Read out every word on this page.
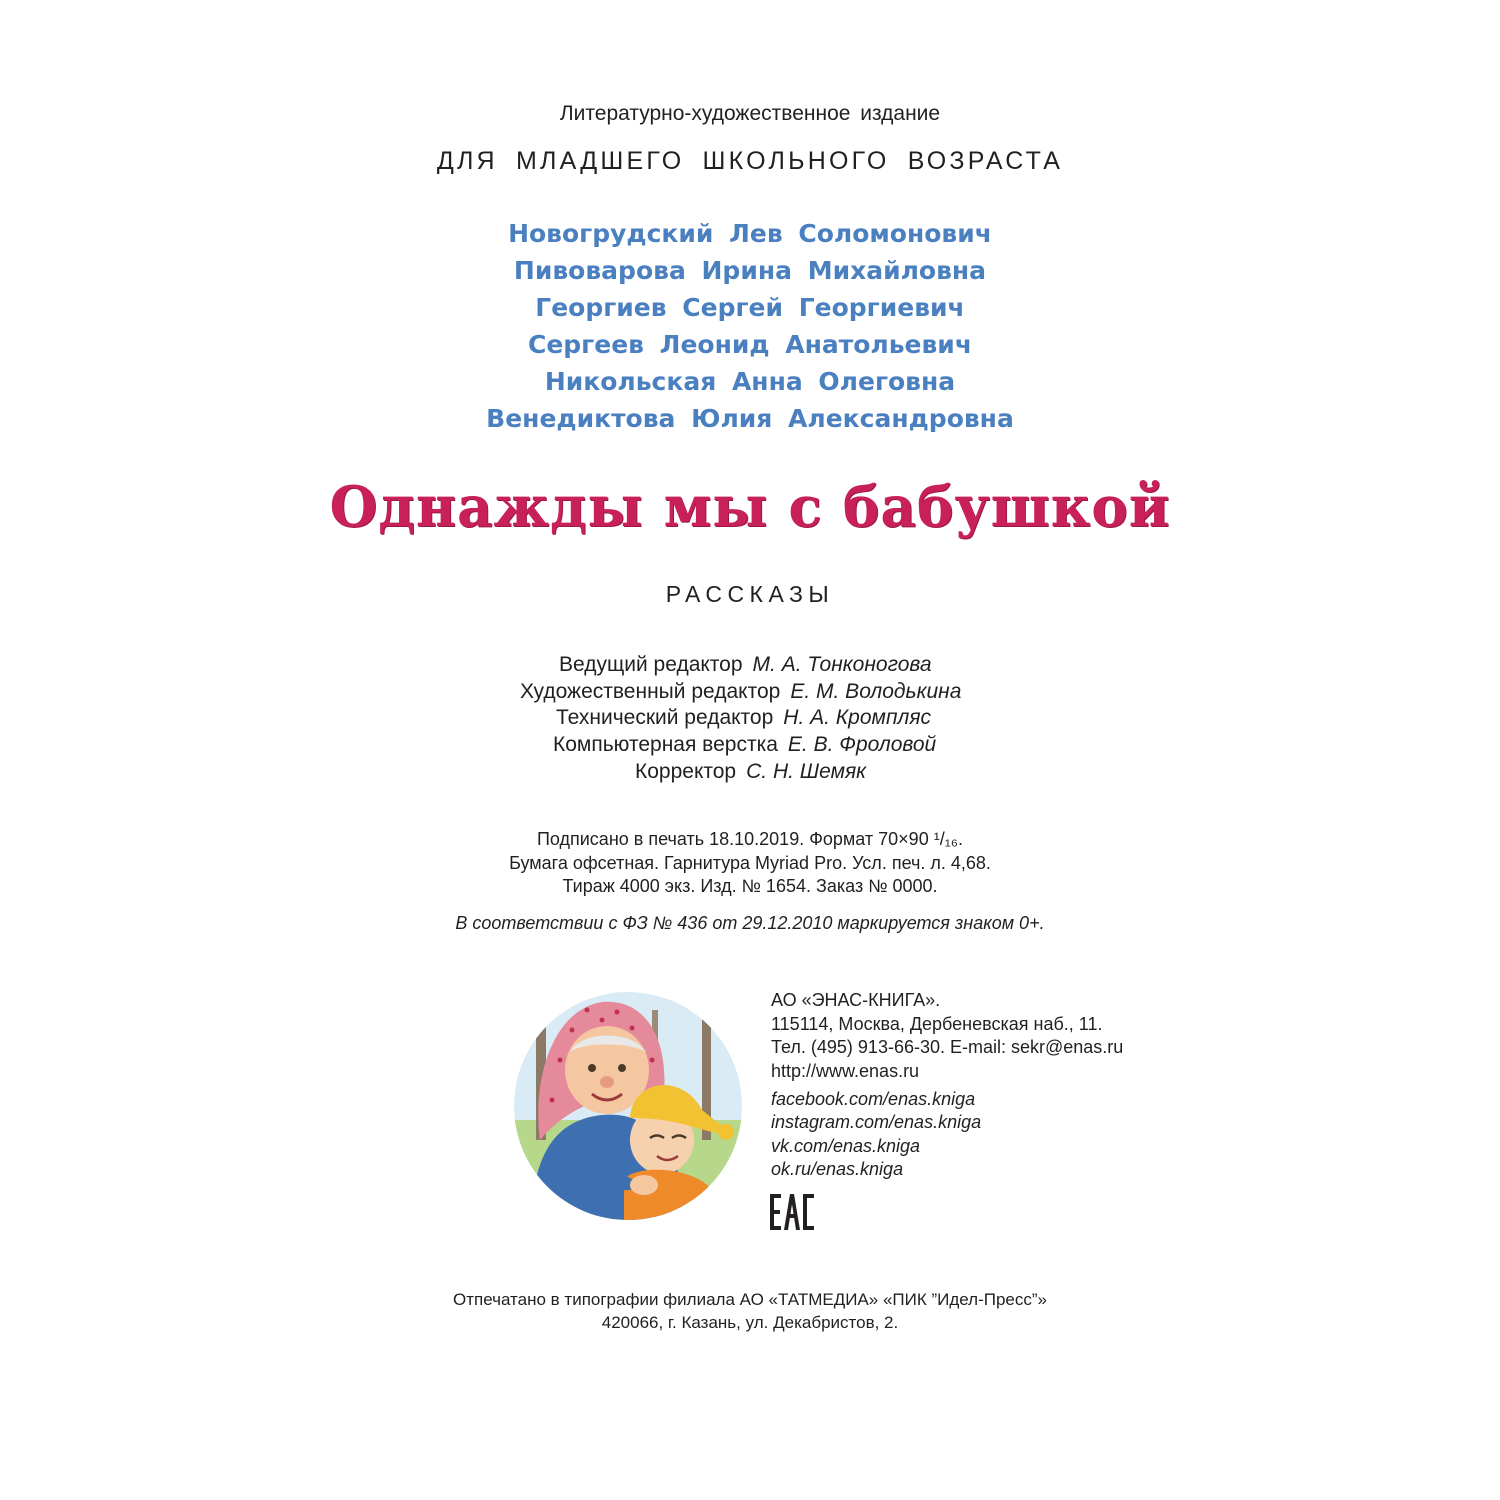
Литературно-художественное издание
ДЛЯ МЛАДШЕГО ШКОЛЬНОГО ВОЗРАСТА
Новогрудский Лев Соломонович
Пивоварова Ирина Михайловна
Георгиев Сергей Георгиевич
Сергеев Леонид Анатольевич
Никольская Анна Олеговна
Венедиктова Юлия Александровна
Однажды мы с бабушкой
РАССКАЗЫ
Ведущий редактор М. А. Тонконогова
Художественный редактор Е. М. Володькина
Технический редактор Н. А. Кромпляс
Компьютерная верстка Е. В. Фроловой
Корректор С. Н. Шемяк
Подписано в печать 18.10.2019. Формат 70×90 ¹/₁₆.
Бумага офсетная. Гарнитура Myriad Pro. Усл. печ. л. 4,68.
Тираж 4000 экз. Изд. № 1654. Заказ № 0000.
В соответствии с ФЗ № 436 от 29.12.2010 маркируется знаком 0+.
АО «ЭНАС-КНИГА».
115114, Москва, Дербеневская наб., 11.
Тел. (495) 913-66-30. E-mail: sekr@enas.ru
http://www.enas.ru
facebook.com/enas.kniga
instagram.com/enas.kniga
vk.com/enas.kniga
ok.ru/enas.kniga
Отпечатано в типографии филиала АО «ТАТМЕДИА» «ПИК ”Идел-Пресс”»
420066, г. Казань, ул. Декабристов, 2.
